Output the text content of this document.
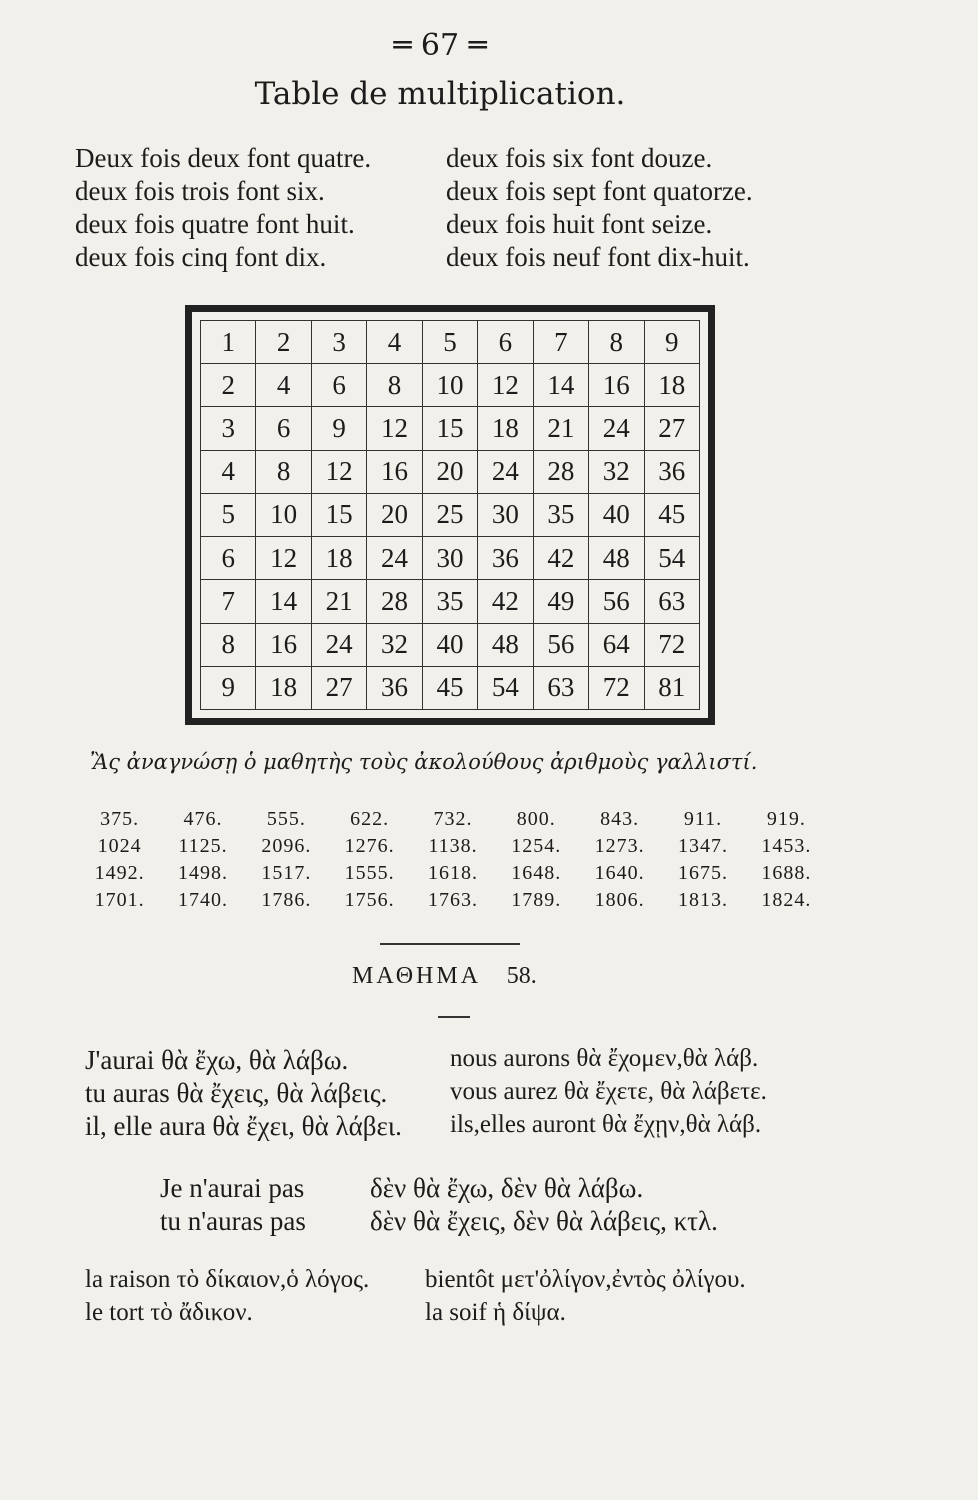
═ 67 ═
Table de multiplication.
Deux fois deux font quatre.
deux fois trois font six.
deux fois quatre font huit.
deux fois cinq font dix.
deux fois six font douze.
deux fois sept font quatorze.
deux fois huit font seize.
deux fois neuf font dix-huit.
1	2	3	4	5	6	7	8	9
2	4	6	8	10	12	14	16	18
3	6	9	12	15	18	21	24	27
4	8	12	16	20	24	28	32	36
5	10	15	20	25	30	35	40	45
6	12	18	24	30	36	42	48	54
7	14	21	28	35	42	49	56	63
8	16	24	32	40	48	56	64	72
9	18	27	36	45	54	63	72	81
Ἂς ἀναγνώσῃ ὁ μαθητὴς τοὺς ἀκολούθους ἀριθμοὺς γαλλιστί.
375.	476.	555.	622.	732.	800.	843.	911.	919.
1024	1125.	2096.	1276.	1138.	1254.	1273.	1347.	1453.
1492.	1498.	1517.	1555.	1618.	1648.	1640.	1675.	1688.
1701.	1740.	1786.	1756.	1763.	1789.	1806.	1813.	1824.
ΜΑΘΗΜΑ 58.
J'aurai θὰ ἔχω, θὰ λάβω.
tu auras θὰ ἔχεις, θὰ λάβεις.
il, elle aura θὰ ἔχει, θὰ λάβει.
nous aurons θὰ ἔχομεν,θὰ λάβ.
vous aurez θὰ ἔχετε, θὰ λάβετε.
ils,elles auront θὰ ἔχῃν,θὰ λάβ.
Je n'aurai pas δὲν θὰ ἔχω, δὲν θὰ λάβω.
tu n'auras pas δὲν θὰ ἔχεις, δὲν θὰ λάβεις, κτλ.
la raison τὸ δίκαιον,ὁ λόγος.
le tort τὸ ἄδικον.
bientôt μετ'ὀλίγον,ἐντὸς ὀλίγου.
la soif ἡ δίψα.
